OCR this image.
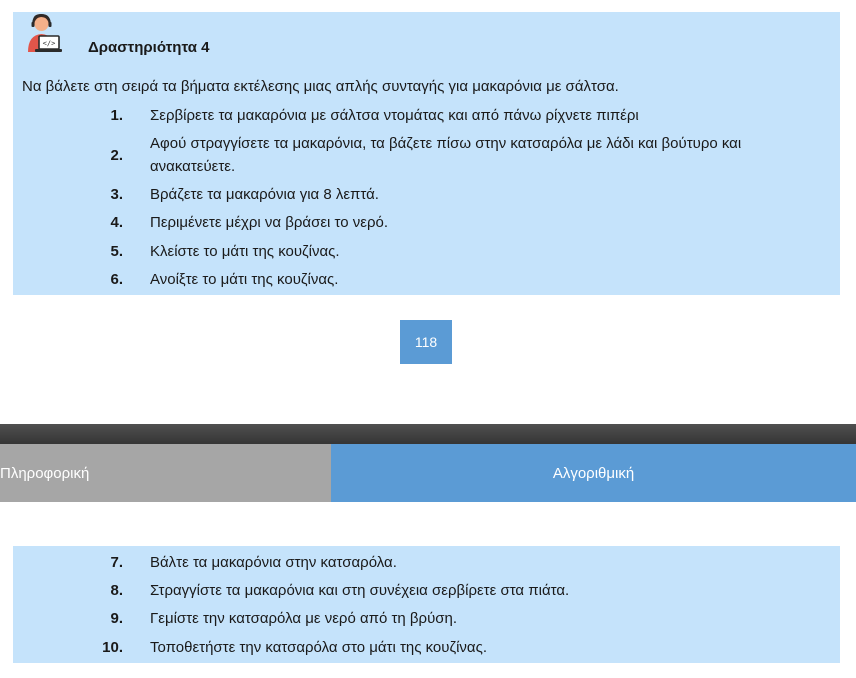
</> Δραστηριότητα 4
Να βάλετε στη σειρά τα βήματα εκτέλεσης μιας απλής συνταγής για μακαρόνια με σάλτσα.
1. Σερβίρετε τα μακαρόνια με σάλτσα ντομάτας και από πάνω ρίχνετε πιπέρι
2.
Αφού στραγγίσετε τα μακαρόνια, τα βάζετε πίσω στην κατσαρόλα με λάδι και βούτυρο και ανακατεύετε.
3. Βράζετε τα μακαρόνια για 8 λεπτά.
4. Περιμένετε μέχρι να βράσει το νερό.
5. Κλείστε το μάτι της κουζίνας.
6. Ανοίξτε το μάτι της κουζίνας.
118
Πληροφορική	Αλγοριθμική
7. Βάλτε τα μακαρόνια στην κατσαρόλα.
8. Στραγγίστε τα μακαρόνια και στη συνέχεια σερβίρετε στα πιάτα.
9. Γεμίστε την κατσαρόλα με νερό από τη βρύση.
10. Τοποθετήστε την κατσαρόλα στο μάτι της κουζίνας.
